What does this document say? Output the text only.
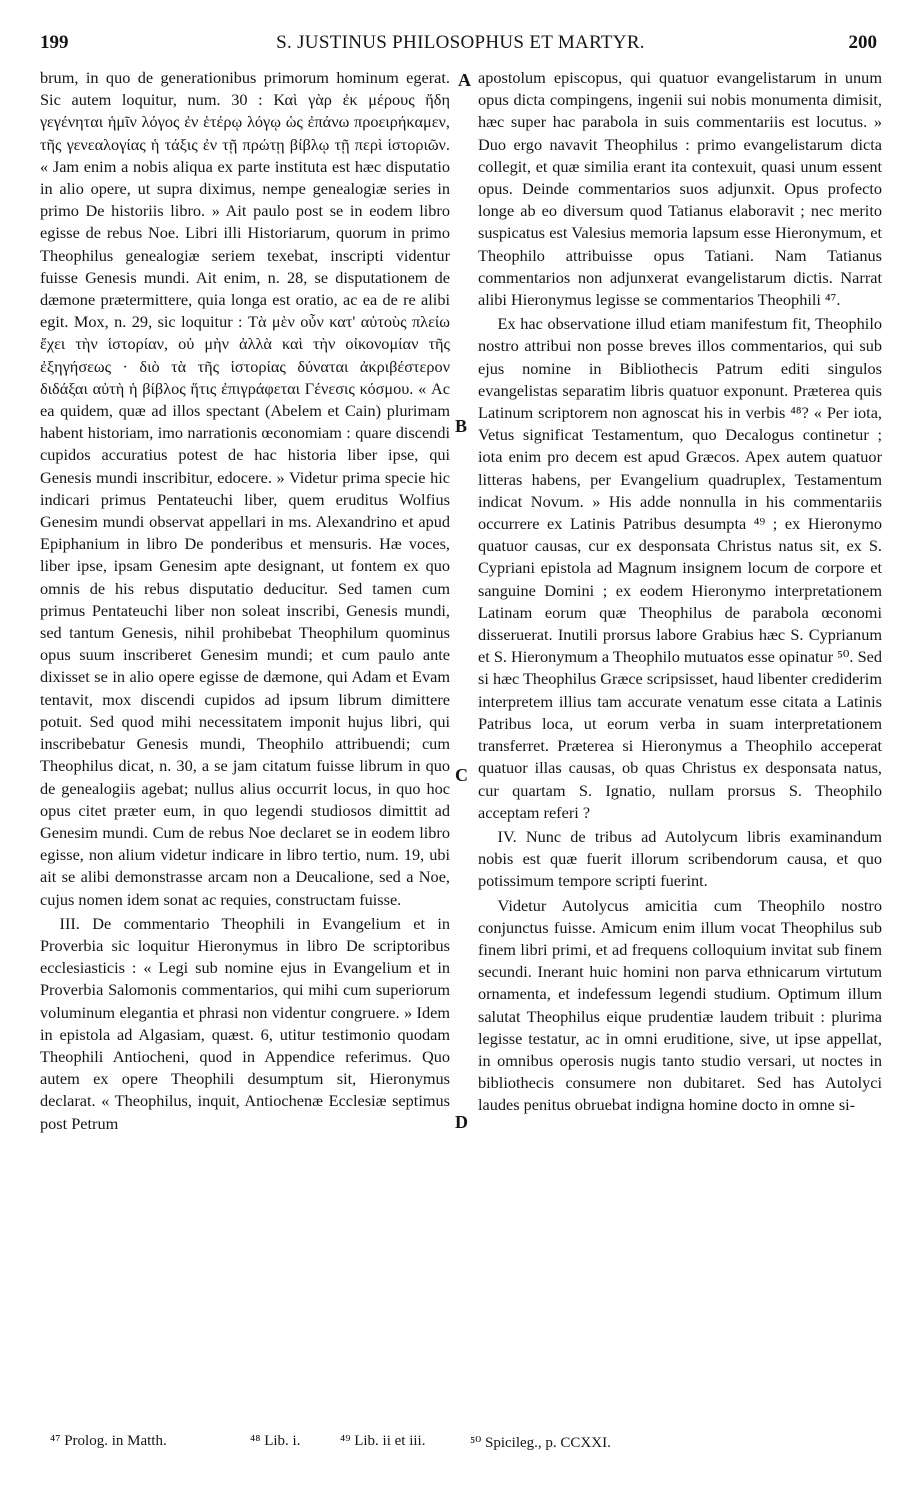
199	S. JUSTINUS PHILOSOPHUS ET MARTYR.	200

brum, in quo de generationibus primorum hominum egerat. Sic autem loquitur, num. 30 : Καὶ γὰρ ἐκ μέρους ἤδη γεγένηται ἡμῖν λόγος ἐν ἑτέρῳ λόγῳ ὡς ἐπάνω προειρήκαμεν, τῆς γενεαλογίας ἡ τάξις ἐν τῇ πρώτῃ βίβλῳ τῇ περὶ ἱστοριῶν. « Jam enim a nobis aliqua ex parte instituta est hæc disputatio in alio opere, ut supra diximus, nempe genealogiæ series in primo De historiis libro. » Ait paulo post se in eodem libro egisse de rebus Noe. Libri illi Historiarum, quorum in primo Theophilus genealogiæ seriem texebat, inscripti videntur fuisse Genesis mundi. Ait enim, n. 28, se disputationem de dæmone prætermittere, quia longa est oratio, ac ea de re alibi egit. Mox, n. 29, sic loquitur : Τὰ μὲν οὖν κατ' αὐτοὺς πλείω ἔχει τὴν ἱστορίαν, οὐ μὴν ἀλλὰ καὶ τὴν οἰκονομίαν τῆς ἐξηγήσεως · διὸ τὰ τῆς ἱστορίας δύναται ἀκριβέστερον διδάξαι αὐτὴ ἡ βίβλος ἥτις ἐπιγράφεται Γένεσις κόσμου. « Ac ea quidem, quæ ad illos spectant (Abelem et Cain) plurimam habent historiam, imo narrationis œconomiam : quare discendi cupidos accuratius potest de hac historia liber ipse, qui Genesis mundi inscribitur, edocere. » Videtur prima specie hic indicari primus Pentateuchi liber, quem eruditus Wolfius Genesim mundi observat appellari in ms. Alexandrino et apud Epiphanium in libro De ponderibus et mensuris. Hæ voces, liber ipse, ipsam Genesim apte designant, ut fontem ex quo omnis de his rebus disputatio deducitur. Sed tamen cum primus Pentateuchi liber non soleat inscribi, Genesis mundi, sed tantum Genesis, nihil prohibebat Theophilum quominus opus suum inscriberet Genesim mundi; et cum paulo ante dixisset se in alio opere egisse de dæmone, qui Adam et Evam tentavit, mox discendi cupidos ad ipsum librum dimittere potuit. Sed quod mihi necessitatem imponit hujus libri, qui inscribebatur Genesis mundi, Theophilo attribuendi; cum Theophilus dicat, n. 30, a se jam citatum fuisse librum in quo de genealogiis agebat; nullus alius occurrit locus, in quo hoc opus citet præter eum, in quo legendi studiosos dimittit ad Genesim mundi. Cum de rebus Noe declaret se in eodem libro egisse, non alium videtur indicare in libro tertio, num. 19, ubi ait se alibi demonstrasse arcam non a Deucalione, sed a Noe, cujus nomen idem sonat ac requies, constructam fuisse.

III. De commentario Theophili in Evangelium et in Proverbia sic loquitur Hieronymus in libro De scriptoribus ecclesiasticis : « Legi sub nomine ejus in Evangelium et in Proverbia Salomonis commentarios, qui mihi cum superiorum voluminum elegantia et phrasi non videntur congruere. » Idem in epistola ad Algasiam, quæst. 6, utitur testimonio quodam Theophili Antiocheni, quod in Appendice referimus. Quo autem ex opere Theophili desumptum sit, Hieronymus declarat. « Theophilus, inquit, Antiochenæ Ecclesiæ septimus post Petrum

A
B
C
D

apostolum episcopus, qui quatuor evangelistarum in unum opus dicta compingens, ingenii sui nobis monumenta dimisit, hæc super hac parabola in suis commentariis est locutus. » Duo ergo navavit Theophilus : primo evangelistarum dicta collegit, et quæ similia erant ita contexuit, quasi unum essent opus. Deinde commentarios suos adjunxit. Opus profecto longe ab eo diversum quod Tatianus elaboravit ; nec merito suspicatus est Valesius memoria lapsum esse Hieronymum, et Theophilo attribuisse opus Tatiani. Nam Tatianus commentarios non adjunxerat evangelistarum dictis. Narrat alibi Hieronymus legisse se commentarios Theophili ⁴⁷.

Ex hac observatione illud etiam manifestum fit, Theophilo nostro attribui non posse breves illos commentarios, qui sub ejus nomine in Bibliothecis Patrum editi singulos evangelistas separatim libris quatuor exponunt. Præterea quis Latinum scriptorem non agnoscat his in verbis ⁴⁸? « Per iota, Vetus significat Testamentum, quo Decalogus continetur ; iota enim pro decem est apud Græcos. Apex autem quatuor litteras habens, per Evangelium quadruplex, Testamentum indicat Novum. » His adde nonnulla in his commentariis occurrere ex Latinis Patribus desumpta ⁴⁹ ; ex Hieronymo quatuor causas, cur ex desponsata Christus natus sit, ex S. Cypriani epistola ad Magnum insignem locum de corpore et sanguine Domini ; ex eodem Hieronymo interpretationem Latinam eorum quæ Theophilus de parabola œconomi disseruerat. Inutili prorsus labore Grabius hæc S. Cyprianum et S. Hieronymum a Theophilo mutuatos esse opinatur ⁵⁰. Sed si hæc Theophilus Græce scripsisset, haud libenter crediderim interpretem illius tam accurate venatum esse citata a Latinis Patribus loca, ut eorum verba in suam interpretationem transferret. Præterea si Hieronymus a Theophilo acceperat quatuor illas causas, ob quas Christus ex desponsata natus, cur quartam S. Ignatio, nullam prorsus S. Theophilo acceptam referi ?

IV. Nunc de tribus ad Autolycum libris examinandum nobis est quæ fuerit illorum scribendorum causa, et quo potissimum tempore scripti fuerint.

Videtur Autolycus amicitia cum Theophilo nostro conjunctus fuisse. Amicum enim illum vocat Theophilus sub finem libri primi, et ad frequens colloquium invitat sub finem secundi. Inerant huic homini non parva ethnicarum virtutum ornamenta, et indefessum legendi studium. Optimum illum salutat Theophilus eique prudentiæ laudem tribuit : plurima legisse testatur, ac in omni eruditione, sive, ut ipse appellat, in omnibus operosis nugis tanto studio versari, ut noctes in bibliothecis consumere non dubitaret. Sed has Autolyci laudes penitus obruebat indigna homine docto in omne si-

⁴⁷ Prolog. in Matth.	⁴⁸ Lib. i.	⁴⁹ Lib. ii et iii.	⁵⁰ Spicileg., p. CCXXI.
